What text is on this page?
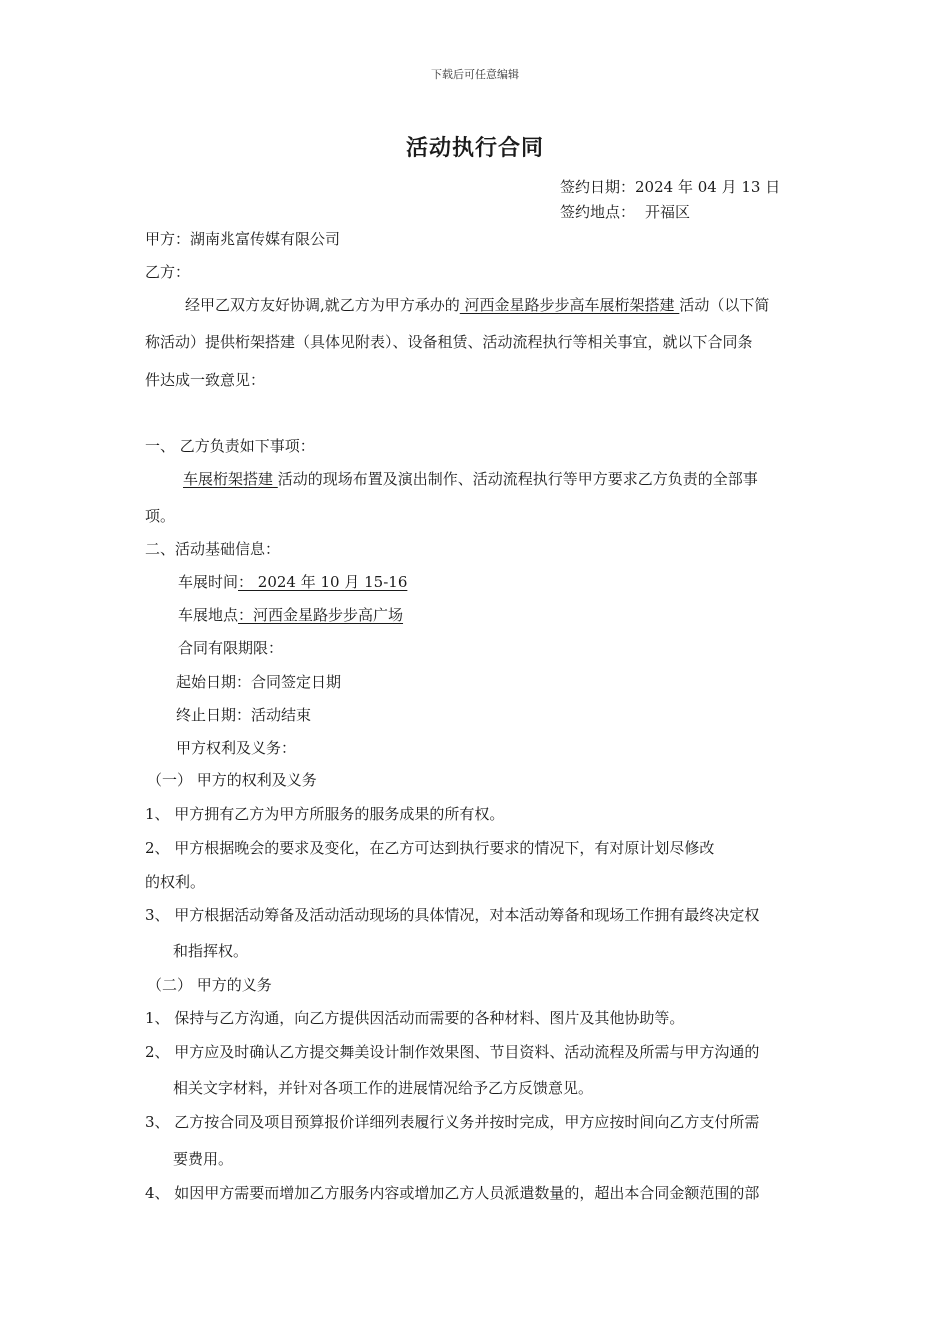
下载后可任意编辑
活动执行合同
签约日期：2024 年 04 月 13 日
签约地点： 开福区
甲方：湖南兆富传媒有限公司
乙方：
经甲乙双方友好协调,就乙方为甲方承办的 河西金星路步步高车展桁架搭建 活动（以下简
称活动）提供桁架搭建（具体见附表）、设备租赁、活动流程执行等相关事宜，就以下合同条
件达成一致意见：
一、 乙方负责如下事项：
车展桁架搭建 活动的现场布置及演出制作、活动流程执行等甲方要求乙方负责的全部事
项。
二、活动基础信息：
车展时间： 2024 年 10 月 15-16
车展地点：河西金星路步步高广场
合同有限期限：
起始日期：合同签定日期
终止日期：活动结束
甲方权利及义务：
（一） 甲方的权利及义务
1、 甲方拥有乙方为甲方所服务的服务成果的所有权。
2、 甲方根据晚会的要求及变化，在乙方可达到执行要求的情况下，有对原计划尽修改
的权利。
3、 甲方根据活动筹备及活动活动现场的具体情况，对本活动筹备和现场工作拥有最终决定权
和指挥权。
（二） 甲方的义务
1、 保持与乙方沟通，向乙方提供因活动而需要的各种材料、图片及其他协助等。
2、 甲方应及时确认乙方提交舞美设计制作效果图、节目资料、活动流程及所需与甲方沟通的
相关文字材料，并针对各项工作的进展情况给予乙方反馈意见。
3、 乙方按合同及项目预算报价详细列表履行义务并按时完成，甲方应按时间向乙方支付所需
要费用。
4、 如因甲方需要而增加乙方服务内容或增加乙方人员派遣数量的，超出本合同金额范围的部
